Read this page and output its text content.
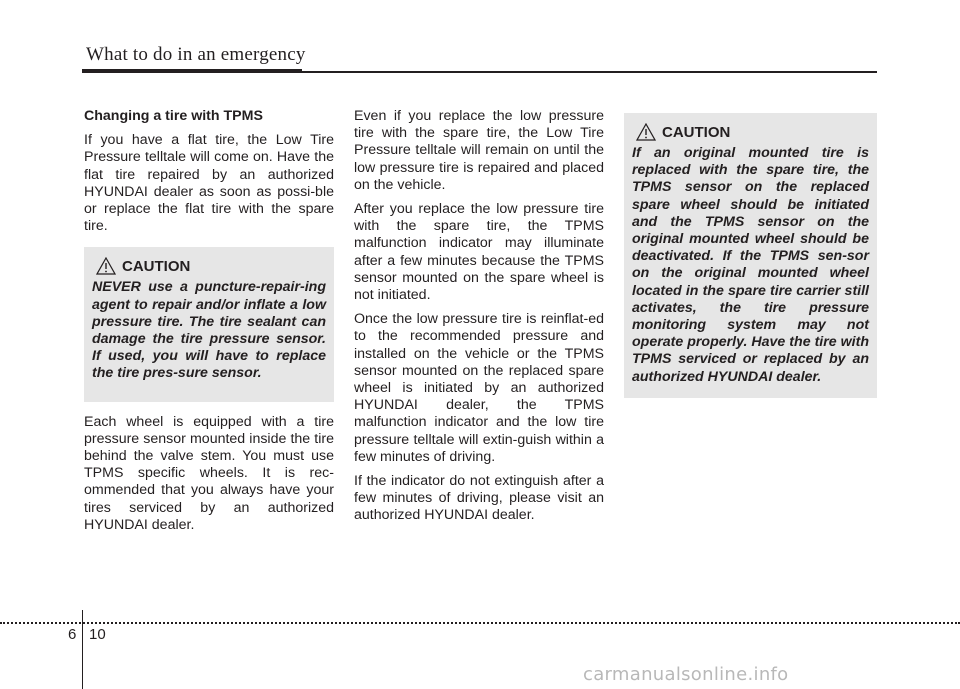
What to do in an emergency

Changing a tire with TPMS

If you have a flat tire, the Low Tire Pressure telltale will come on. Have the flat tire repaired by an authorized HYUNDAI dealer as soon as possi-ble or replace the flat tire with the spare tire.

CAUTION

NEVER use a puncture-repair-ing agent to repair and/or inflate a low pressure tire. The tire sealant can damage the tire pressure sensor. If used, you will have to replace the tire pres-sure sensor.

Each wheel is equipped with a tire pressure sensor mounted inside the tire behind the valve stem. You must use TPMS specific wheels. It is rec-ommended that you always have your tires serviced by an authorized HYUNDAI dealer.

Even if you replace the low pressure tire with the spare tire, the Low Tire Pressure telltale will remain on until the low pressure tire is repaired and placed on the vehicle.

After you replace the low pressure tire with the spare tire, the TPMS malfunction indicator may illuminate after a few minutes because the TPMS sensor mounted on the spare wheel is not initiated.

Once the low pressure tire is reinflat-ed to the recommended pressure and installed on the vehicle or the TPMS sensor mounted on the replaced spare wheel is initiated by an authorized HYUNDAI dealer, the TPMS malfunction indicator and the low tire pressure telltale will extin-guish within a few minutes of driving.

If the indicator do not extinguish after a few minutes of driving, please visit an authorized HYUNDAI dealer.

CAUTION

If an original mounted tire is replaced with the spare tire, the TPMS sensor on the replaced spare wheel should be initiated and the TPMS sensor on the original mounted wheel should be deactivated. If the TPMS sen-sor on the original mounted wheel located in the spare tire carrier still activates, the tire pressure monitoring system may not operate properly. Have the tire with TPMS serviced or replaced by an authorized HYUNDAI dealer.

6 10
carmanualsonline.info
